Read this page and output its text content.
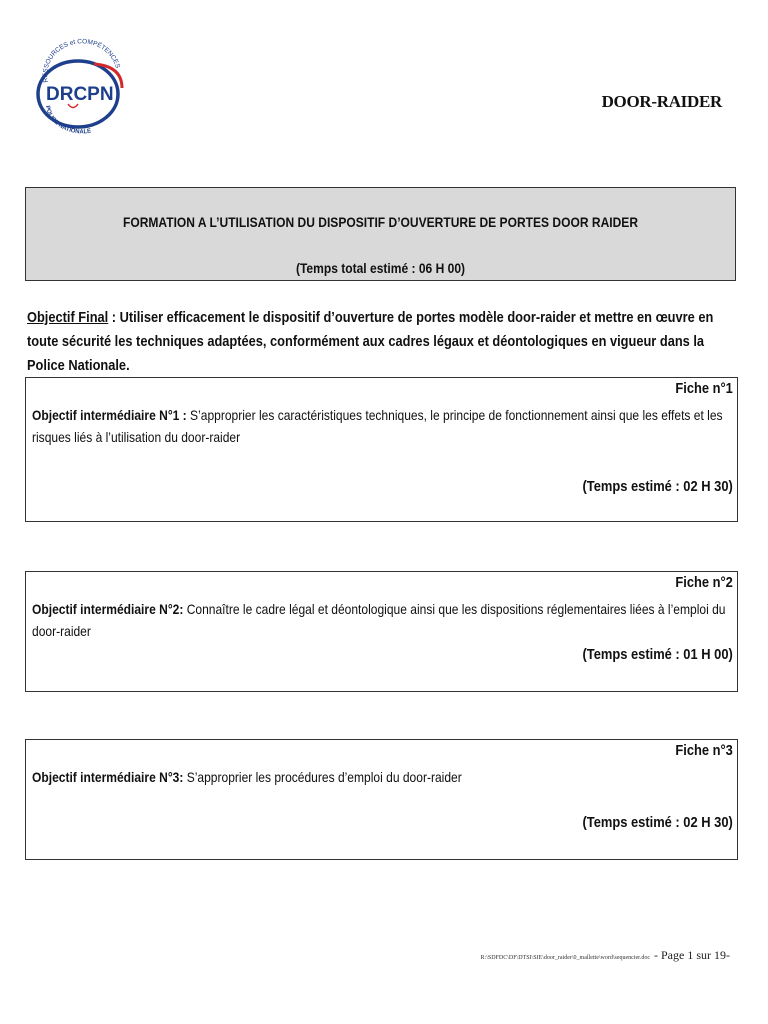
RESSOURCES et COMPÉTENCES
DRCPN
POLICE NATIONALE
DOOR-RAIDER
FORMATION A L’UTILISATION DU DISPOSITIF D’OUVERTURE DE PORTES DOOR RAIDER
(Temps total estimé : 06 H 00)
Objectif Final : Utiliser efficacement le dispositif d’ouverture de portes modèle door-raider et mettre en œuvre en toute sécurité les techniques adaptées, conformément aux cadres légaux et déontologiques en vigueur dans la Police Nationale.
Fiche n°1
Objectif intermédiaire N°1 : S’approprier les caractéristiques techniques, le principe de fonctionnement ainsi que les effets et les risques liés à l’utilisation du door-raider
(Temps estimé : 02 H 30)
Fiche n°2
Objectif intermédiaire N°2: Connaître le cadre légal et déontologique ainsi que les dispositions réglementaires liées à l’emploi du door-raider
(Temps estimé : 01 H 00)
Fiche n°3
Objectif intermédiaire N°3: S’approprier les procédures d’emploi du door-raider
(Temps estimé : 02 H 30)
R:\SDFDC\DF\DTSI\SIE\door_raider\0_mallette\word\sequencier.doc - Page 1 sur 19-
